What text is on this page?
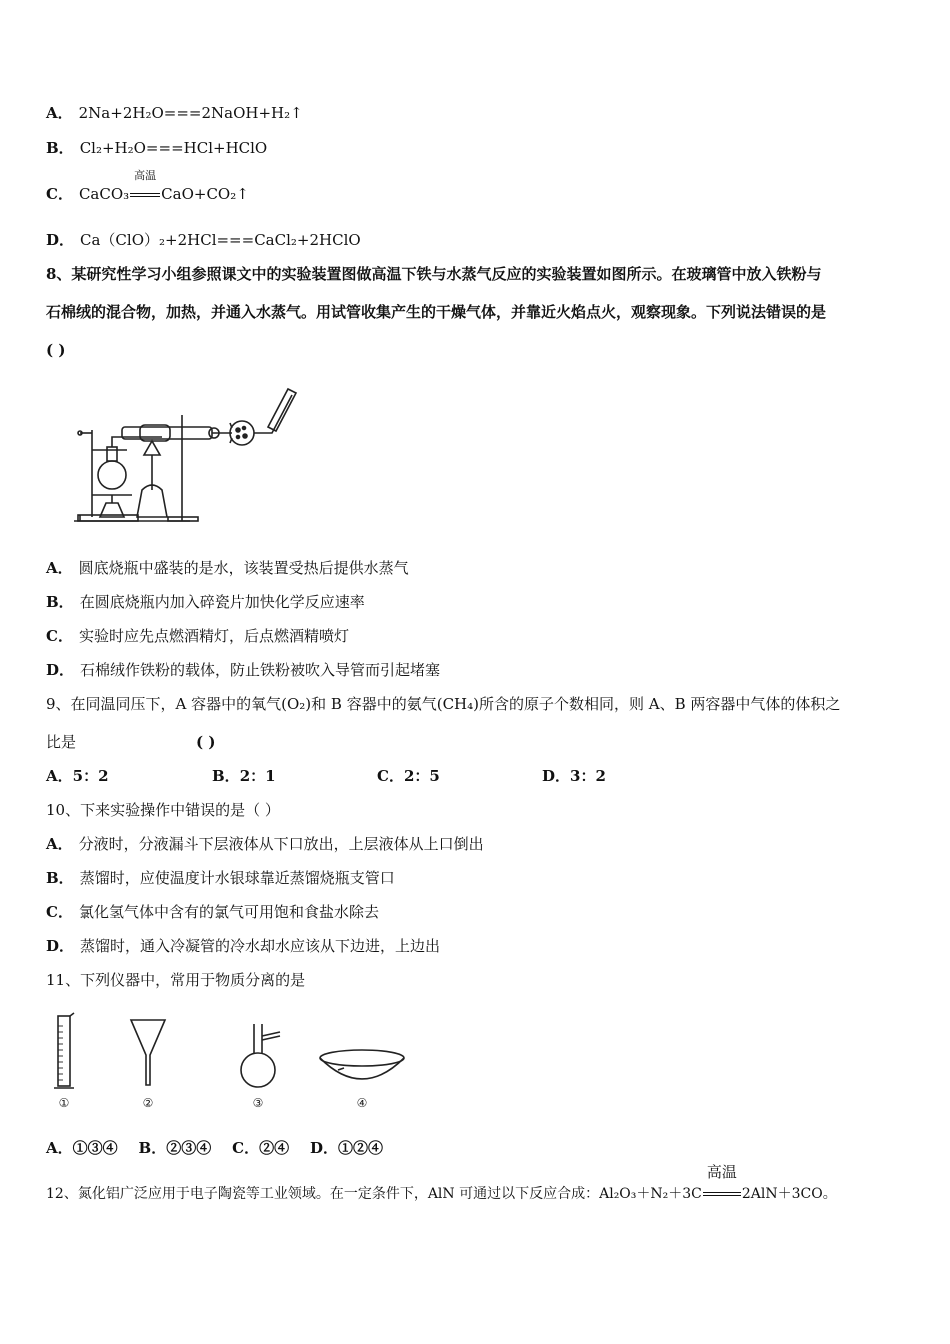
A． 2Na+2H₂O===2NaOH+H₂↑
B． Cl₂+H₂O===HCl+HClO
C． CaCO₃
高温
CaO+CO₂↑
D． Ca（ClO）₂+2HCl===CaCl₂+2HClO
8、某研究性学习小组参照课文中的实验装置图做高温下铁与水蒸气反应的实验装置如图所示。在玻璃管中放入铁粉与
石棉绒的混合物，加热，并通入水蒸气。用试管收集产生的干燥气体，并靠近火焰点火，观察现象。下列说法错误的是
( )
A． 圆底烧瓶中盛装的是水，该装置受热后提供水蒸气
B． 在圆底烧瓶内加入碎瓷片加快化学反应速率
C． 实验时应先点燃酒精灯，后点燃酒精喷灯
D． 石棉绒作铁粉的载体，防止铁粉被吹入导管而引起堵塞
9、在同温同压下，A 容器中的氧气(O₂)和 B 容器中的氨气(CH₄)所含的原子个数相同，则 A、B 两容器中气体的体积之
比是	( )
A．5：2	B．2：1	C．2：5	D．3：2
10、下来实验操作中错误的是（ ）
A． 分液时，分液漏斗下层液体从下口放出，上层液体从上口倒出
B． 蒸馏时，应使温度计水银球靠近蒸馏烧瓶支管口
C． 氯化氢气体中含有的氯气可用饱和食盐水除去
D． 蒸馏时，通入冷凝管的冷水却水应该从下边进，上边出
11、下列仪器中，常用于物质分离的是
①	②	③	④
A．①③④ B．②③④ C．②④ D．①②④
12、氮化铝广泛应用于电子陶瓷等工业领域。在一定条件下，AlN 可通过以下反应合成：Al₂O₃＋N₂＋3C
高温
2AlN＋3CO。
